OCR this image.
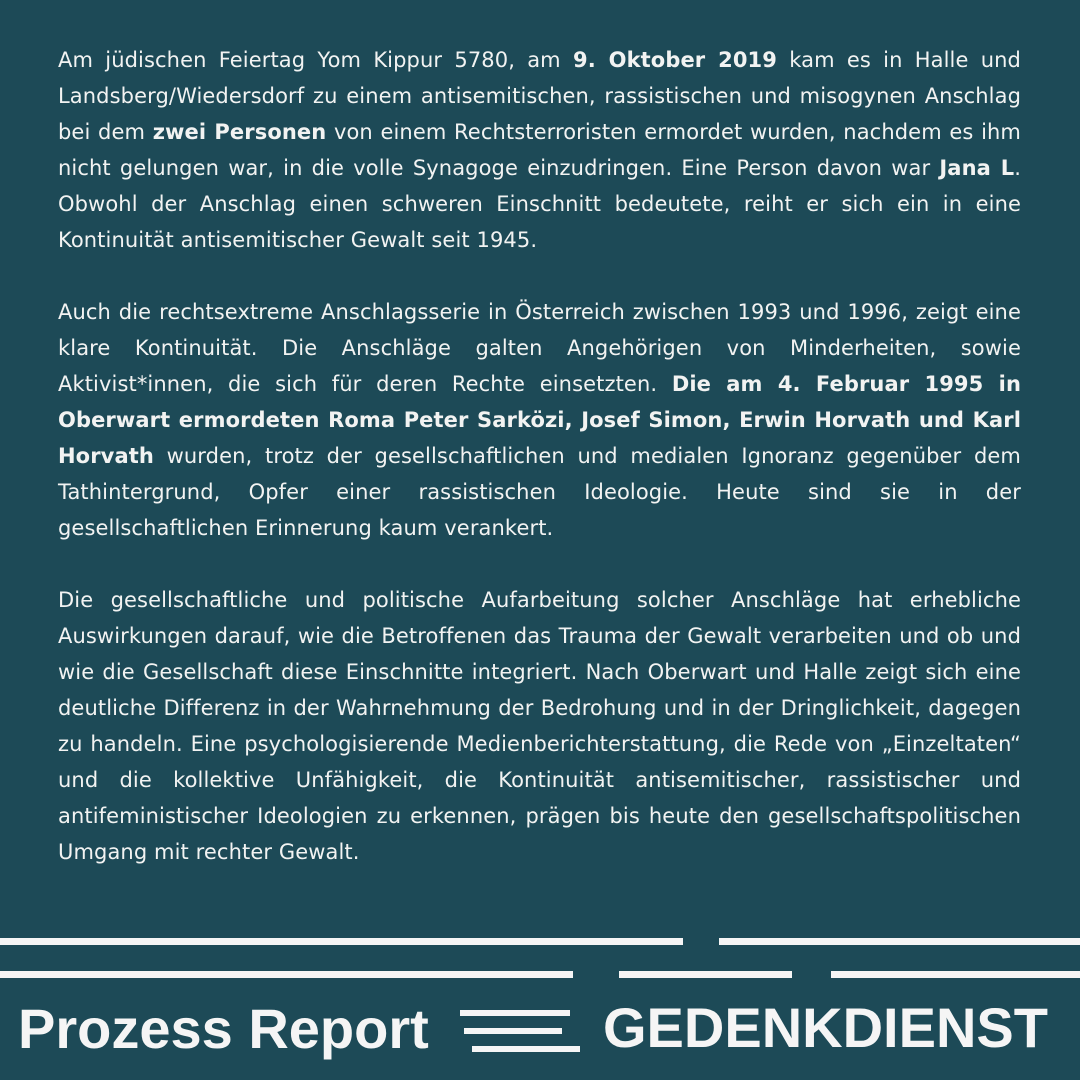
Am jüdischen Feiertag Yom Kippur 5780, am 9. Oktober 2019 kam es in Halle und Landsberg/Wiedersdorf zu einem antisemitischen, rassistischen und misogynen Anschlag bei dem zwei Personen von einem Rechtsterroristen ermordet wurden, nachdem es ihm nicht gelungen war, in die volle Synagoge einzudringen. Eine Person davon war Jana L. Obwohl der Anschlag einen schweren Einschnitt bedeutete, reiht er sich ein in eine Kontinuität antisemitischer Gewalt seit 1945.

Auch die rechtsextreme Anschlagsserie in Österreich zwischen 1993 und 1996, zeigt eine klare Kontinuität. Die Anschläge galten Angehörigen von Minderheiten, sowie Aktivist*innen, die sich für deren Rechte einsetzten. Die am 4. Februar 1995 in Oberwart ermordeten Roma Peter Sarközi, Josef Simon, Erwin Horvath und Karl Horvath wurden, trotz der gesellschaftlichen und medialen Ignoranz gegenüber dem Tathintergrund, Opfer einer rassistischen Ideologie. Heute sind sie in der gesellschaftlichen Erinnerung kaum verankert.

Die gesellschaftliche und politische Aufarbeitung solcher Anschläge hat erhebliche Auswirkungen darauf, wie die Betroffenen das Trauma der Gewalt verarbeiten und ob und wie die Gesellschaft diese Einschnitte integriert. Nach Oberwart und Halle zeigt sich eine deutliche Differenz in der Wahrnehmung der Bedrohung und in der Dringlichkeit, dagegen zu handeln. Eine psychologisierende Medienberichterstattung, die Rede von „Einzeltaten“ und die kollektive Unfähigkeit, die Kontinuität antisemitischer, rassistischer und antifeministischer Ideologien zu erkennen, prägen bis heute den gesellschaftspolitischen Umgang mit rechter Gewalt.

Prozess Report	GEDENKDIENST
